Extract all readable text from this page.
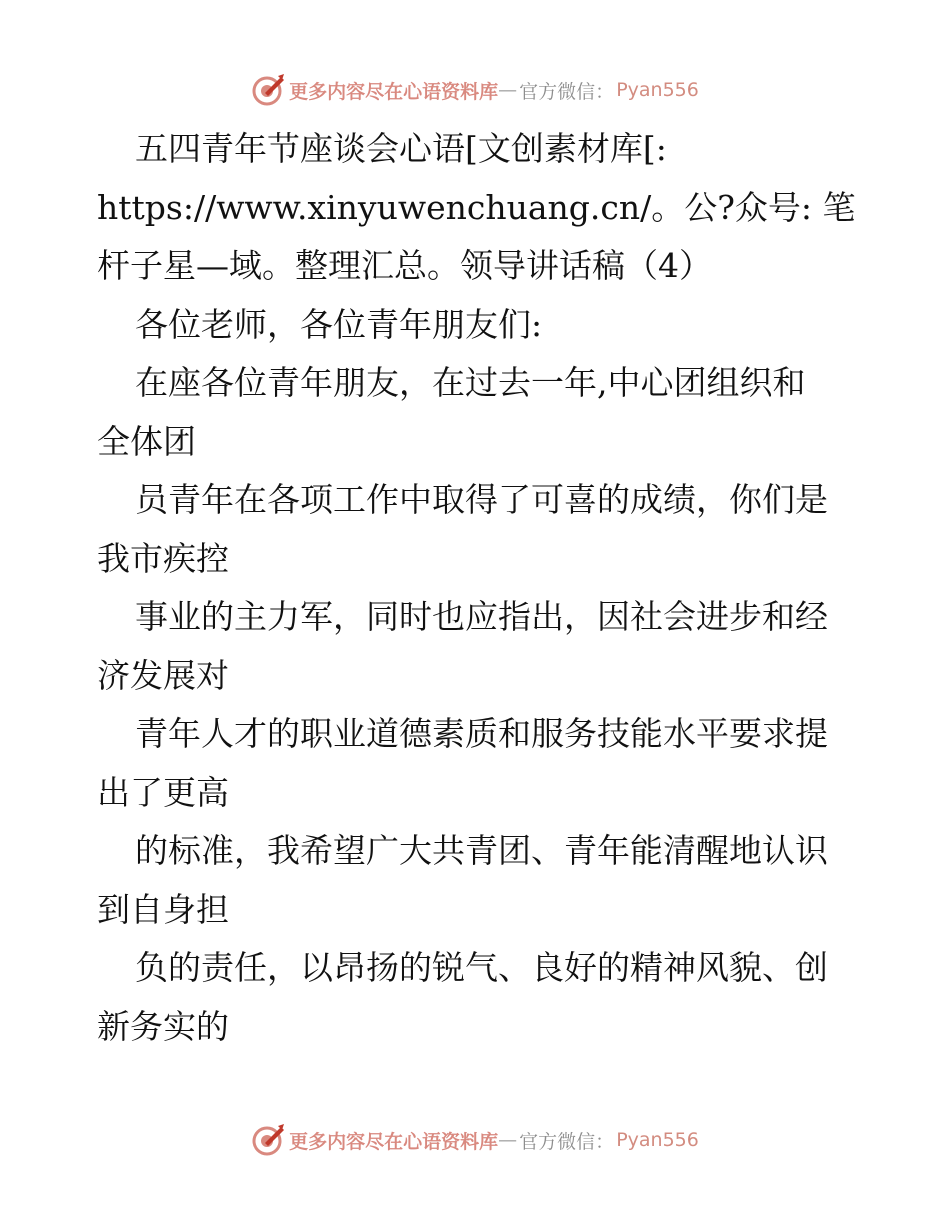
更多内容尽在心语资料库 — 官方微信： Pyan556
五四青年节座谈会心语[文创素材库[:
https://www.xinyuwenchuang.cn/。公?众号: 笔
杆子星—域。整理汇总。领导讲话稿（4）
各位老师，各位青年朋友们:
在座各位青年朋友，在过去一年,中心团组织和
全体团
员青年在各项工作中取得了可喜的成绩，你们是
我市疾控
事业的主力军，同时也应指出，因社会进步和经
济发展对
青年人才的职业道德素质和服务技能水平要求提
出了更高
的标准，我希望广大共青团、青年能清醒地认识
到自身担
负的责任，以昂扬的锐气、良好的精神风貌、创
新务实的
更多内容尽在心语资料库 — 官方微信： Pyan556
